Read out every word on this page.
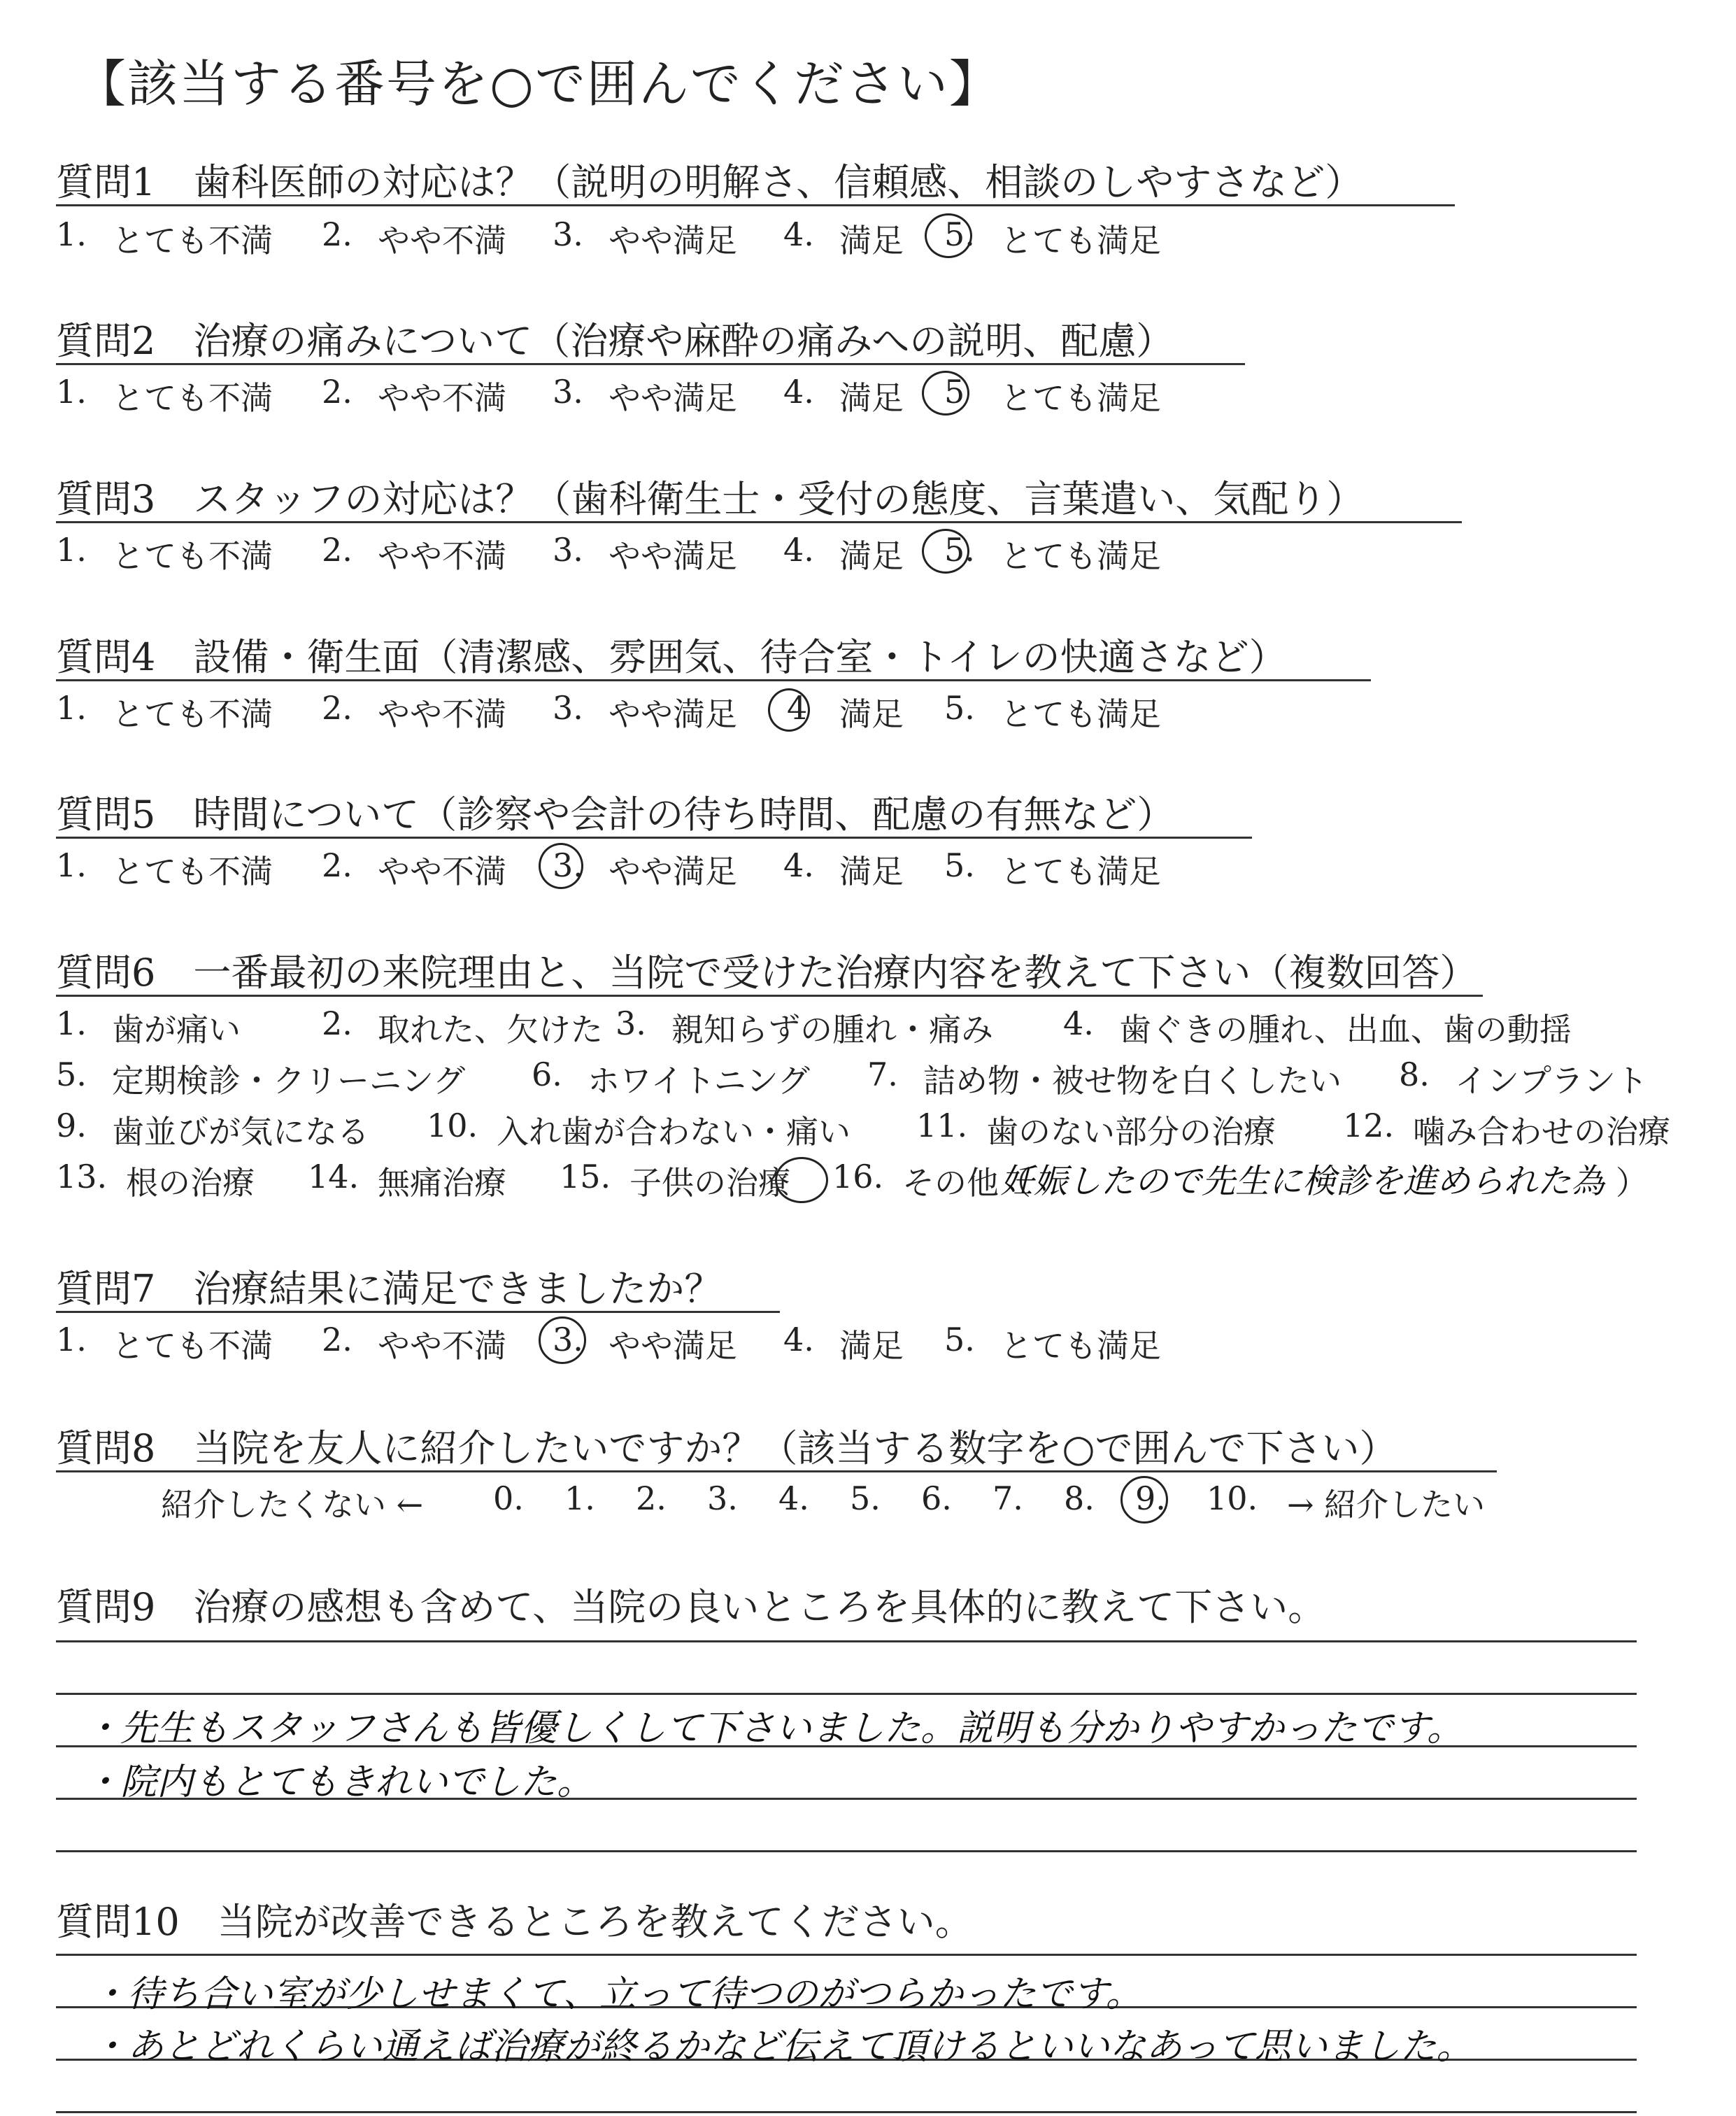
【該当する番号を○で囲んでください】
質問1　歯科医師の対応は？（説明の明解さ、信頼感、相談のしやすさなど）
1. とても不満 2. やや不満 3. やや満足 4. 満足 5. とても満足
質問2　治療の痛みについて（治療や麻酔の痛みへの説明、配慮）
1. とても不満 2. やや不満 3. やや満足 4. 満足 5 とても満足
質問3　スタッフの対応は？（歯科衛生士・受付の態度、言葉遣い、気配り）
1. とても不満 2. やや不満 3. やや満足 4. 満足 5. とても満足
質問4　設備・衛生面（清潔感、雰囲気、待合室・トイレの快適さなど）
1. とても不満 2. やや不満 3. やや満足 4 満足 5. とても満足
質問5　時間について（診察や会計の待ち時間、配慮の有無など）
1. とても不満 2. やや不満 3. やや満足 4. 満足 5. とても満足
質問6　一番最初の来院理由と、当院で受けた治療内容を教えて下さい（複数回答）
1. 歯が痛い	2. 取れた、欠けた 3. 親知らずの腫れ・痛み 4. 歯ぐきの腫れ、出血、歯の動揺
5. 定期検診・クリーニング 6. ホワイトニング 7. 詰め物・被せ物を白くしたい 8. インプラント
9. 歯並びが気になる 10. 入れ歯が合わない・痛い 11. 歯のない部分の治療 12. 噛み合わせの治療
13. 根の治療 14. 無痛治療 15. 子供の治療 16. その他（	）
妊娠したので先生に検診を進められた為
質問7　治療結果に満足できましたか？
1. とても不満 2. やや不満 3. やや満足 4. 満足 5. とても満足
質問8　当院を友人に紹介したいですか？（該当する数字を○で囲んで下さい）
紹介したくない ← 0. 1. 2. 3. 4. 5. 6. 7. 8. 9. 10. → 紹介したい
質問9　治療の感想も含めて、当院の良いところを具体的に教えて下さい。
・先生もスタッフさんも皆優しくして下さいました。説明も分かりやすかったです。
・院内もとてもきれいでした。
質問10　当院が改善できるところを教えてください。
・待ち合い室が少しせまくて、立って待つのがつらかったです。
・あとどれくらい通えば治療が終るかなど伝えて頂けるといいなあって思いました。
